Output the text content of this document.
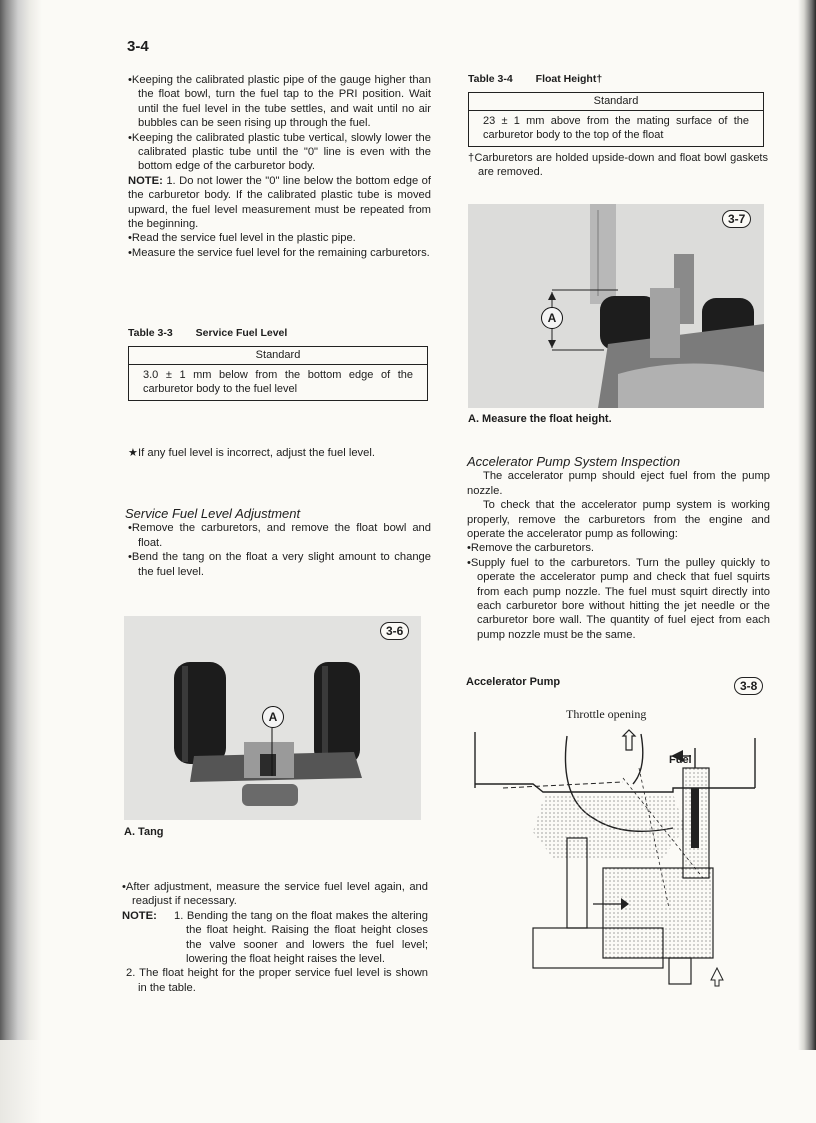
3-4

•Keeping the calibrated plastic pipe of the gauge higher than the float bowl, turn the fuel tap to the PRI position. Wait until the fuel level in the tube settles, and wait until no air bubbles can be seen rising up through the fuel.

•Keeping the calibrated plastic tube vertical, slowly lower the calibrated plastic tube until the "0" line is even with the bottom edge of the carburetor body.

NOTE: 1. Do not lower the "0" line below the bottom edge of the carburetor body. If the calibrated plastic tube is moved upward, the fuel level measurement must be repeated from the beginning.

•Read the service fuel level in the plastic pipe.

•Measure the service fuel level for the remaining carburetors.

Table 3-3 Service Fuel Level
Standard
3.0 ± 1 mm below from the bottom edge of the carburetor body to the fuel level

★If any fuel level is incorrect, adjust the fuel level.

Service Fuel Level Adjustment

•Remove the carburetors, and remove the float bowl and float.

•Bend the tang on the float a very slight amount to change the fuel level.

3-6
A
A. Tang

•After adjustment, measure the service fuel level again, and readjust if necessary.

NOTE:	1. Bending the tang on the float makes the altering the float height. Raising the float height closes the valve sooner and lowers the fuel level; lowering the float height raises the level.

2. The float height for the proper service fuel level is shown in the table.

Table 3-4 Float Height†
Standard
23 ± 1 mm above from the mating surface of the carburetor body to the top of the float

†Carburetors are holded upside-down and float bowl gaskets are removed.

3-7
A
A. Measure the float height.

Accelerator Pump System Inspection

The accelerator pump should eject fuel from the pump nozzle.

To check that the accelerator pump system is working properly, remove the carburetors from the engine and operate the accelerator pump as following:

•Remove the carburetors.

•Supply fuel to the carburetors. Turn the pulley quickly to operate the accelerator pump and check that fuel squirts from each pump nozzle. The fuel must squirt directly into each carburetor bore without hitting the jet needle or the carburetor bore wall. The quantity of fuel eject from each pump nozzle must be the same.

Accelerator Pump	3-8
Throttle opening
Fuel
